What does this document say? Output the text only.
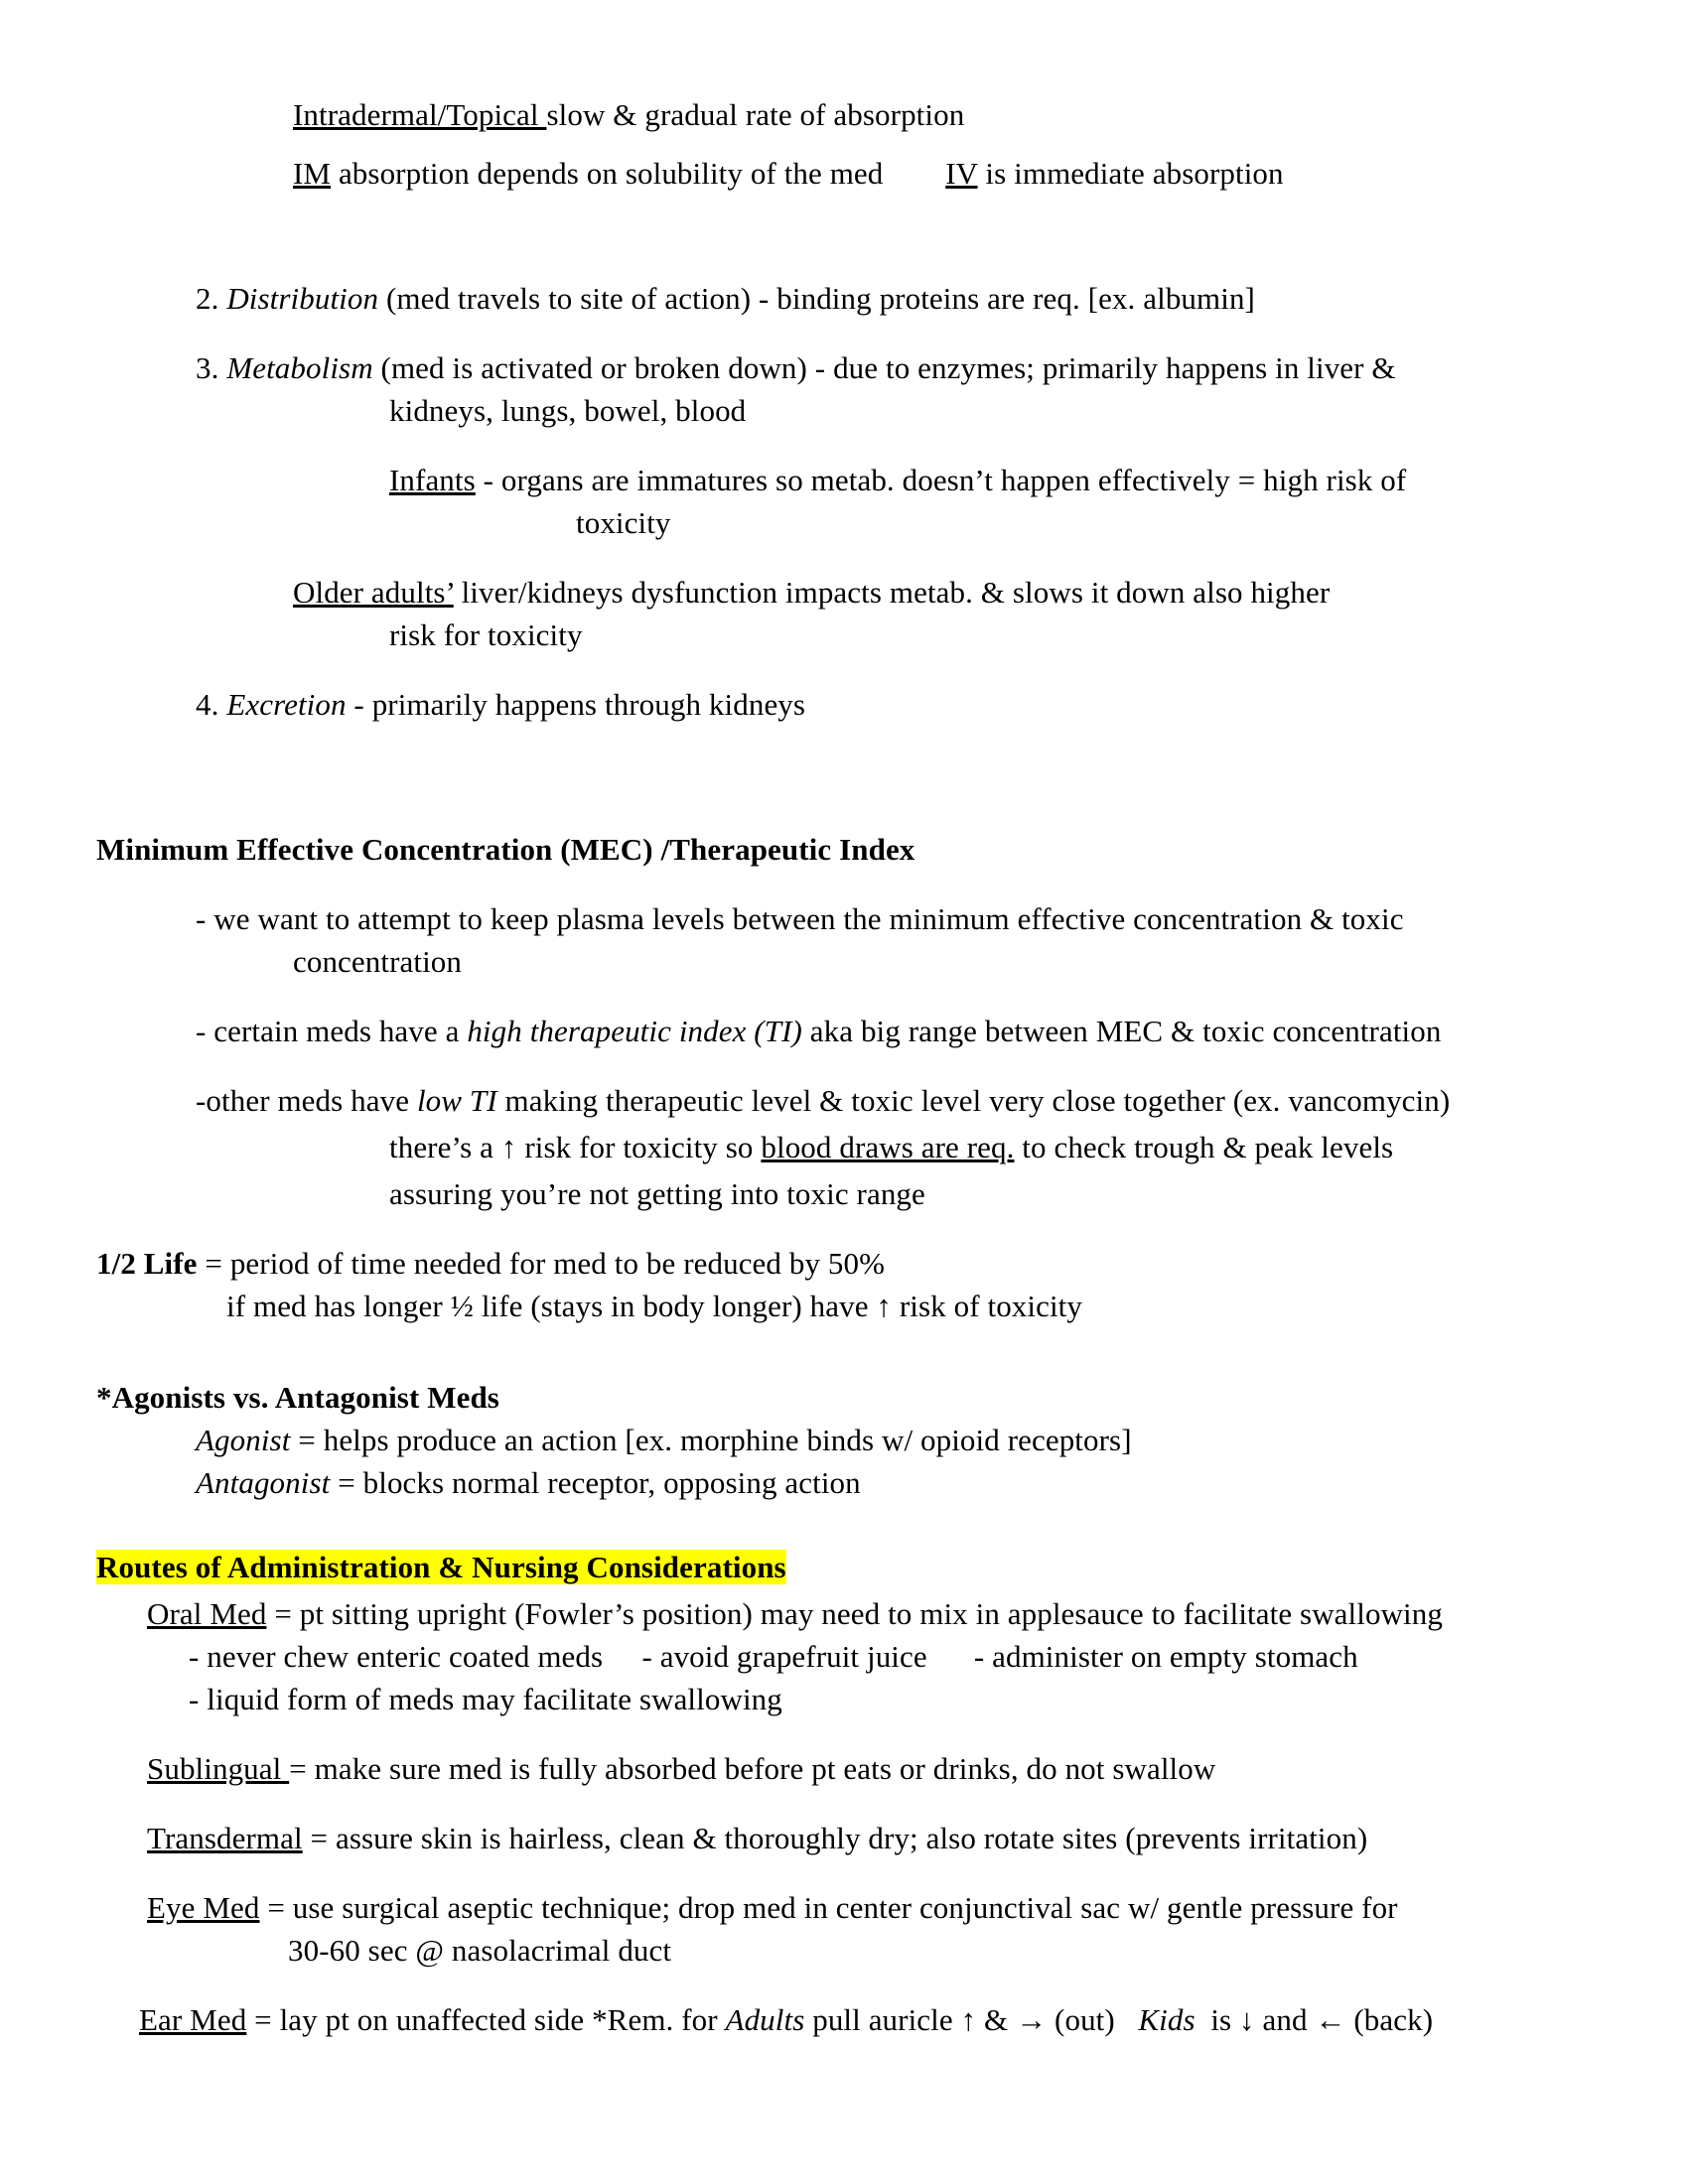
Intradermal/Topical slow & gradual rate of absorption
IM absorption depends on solubility of the med IV is immediate absorption
2. Distribution (med travels to site of action) - binding proteins are req. [ex. albumin]
3. Metabolism (med is activated or broken down) - due to enzymes; primarily happens in liver &
kidneys, lungs, bowel, blood
Infants - organs are immatures so metab. doesn’t happen effectively = high risk of
toxicity
Older adults’ liver/kidneys dysfunction impacts metab. & slows it down also higher
risk for toxicity
4. Excretion - primarily happens through kidneys
Minimum Effective Concentration (MEC) /Therapeutic Index
- we want to attempt to keep plasma levels between the minimum effective concentration & toxic
concentration
- certain meds have a high therapeutic index (TI) aka big range between MEC & toxic concentration
-other meds have low TI making therapeutic level & toxic level very close together (ex. vancomycin)
there’s a ↑ risk for toxicity so blood draws are req. to check trough & peak levels
assuring you’re not getting into toxic range
1/2 Life = period of time needed for med to be reduced by 50%
if med has longer ½ life (stays in body longer) have ↑ risk of toxicity
*Agonists vs. Antagonist Meds
Agonist = helps produce an action [ex. morphine binds w/ opioid receptors]
Antagonist = blocks normal receptor, opposing action
Routes of Administration & Nursing Considerations
Oral Med = pt sitting upright (Fowler’s position) may need to mix in applesauce to facilitate swallowing
- never chew enteric coated meds - avoid grapefruit juice - administer on empty stomach
- liquid form of meds may facilitate swallowing
Sublingual = make sure med is fully absorbed before pt eats or drinks, do not swallow
Transdermal = assure skin is hairless, clean & thoroughly dry; also rotate sites (prevents irritation)
Eye Med = use surgical aseptic technique; drop med in center conjunctival sac w/ gentle pressure for
30-60 sec @ nasolacrimal duct
Ear Med = lay pt on unaffected side *Rem. for Adults pull auricle ↑ & → (out)   Kids  is ↓ and ← (back)
